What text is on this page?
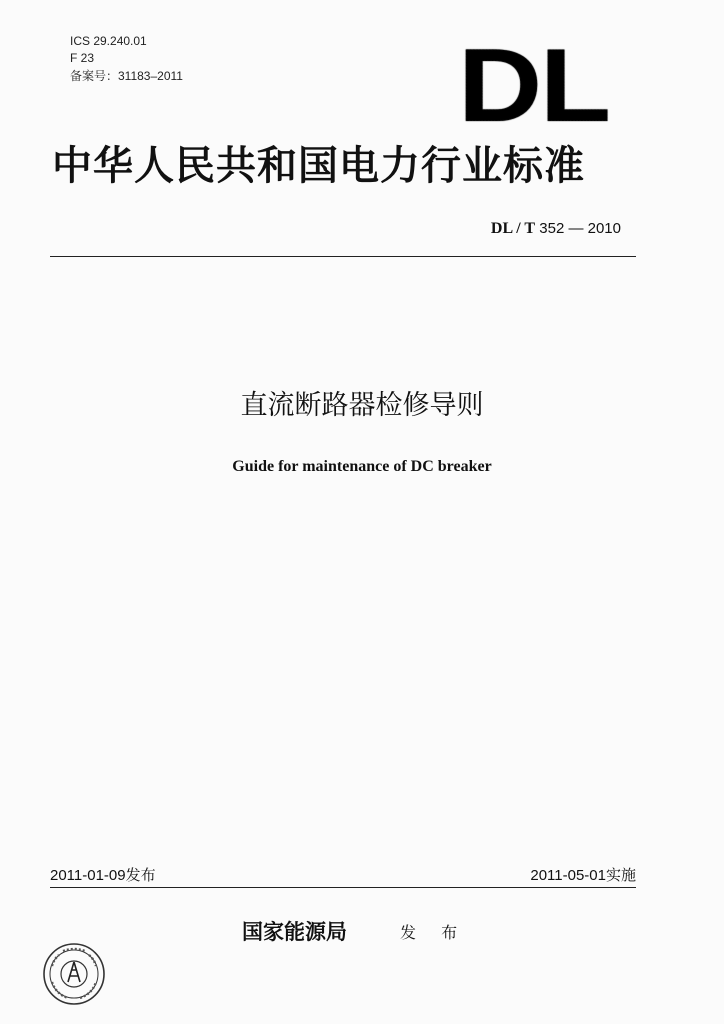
ICS 29.240.01
F 23
备案号：31183–2011	DL
中华人民共和国电力行业标准
DL / T 352 — 2010
直流断路器检修导则
Guide for maintenance of DC breaker
2011-01-09发布	2011-05-01实施
国家能源局	发 布
